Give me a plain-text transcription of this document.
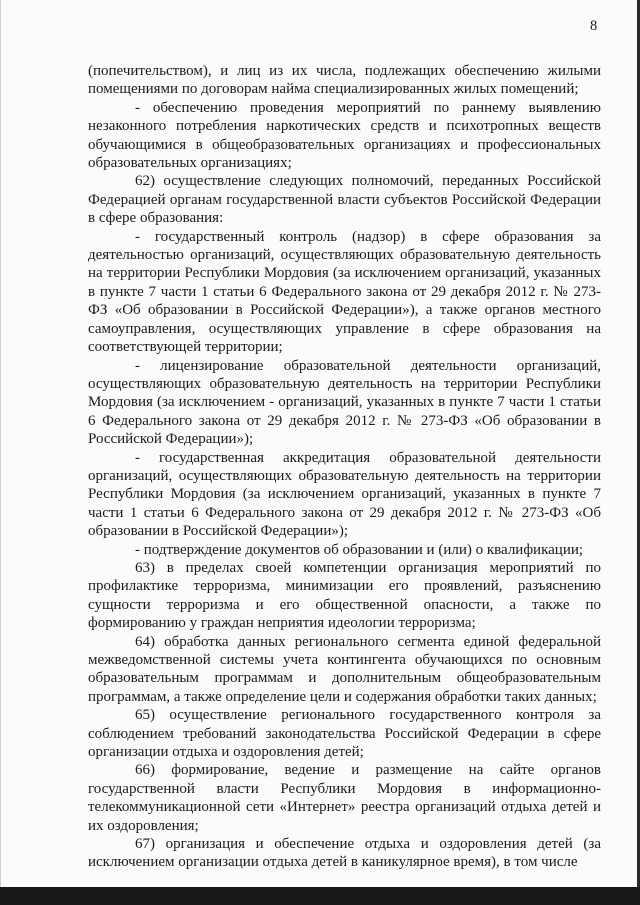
8

(попечительством), и лиц из их числа, подлежащих обеспечению жилыми помещениями по договорам найма специализированных жилых помещений;

- обеспечению проведения мероприятий по раннему выявлению незаконного потребления наркотических средств и психотропных веществ обучающимися в общеобразовательных организациях и профессиональных образовательных организациях;

62) осуществление следующих полномочий, переданных Российской Федерацией органам государственной власти субъектов Российской Федерации в сфере образования:

- государственный контроль (надзор) в сфере образования за деятельностью организаций, осуществляющих образовательную деятельность на территории Республики Мордовия (за исключением организаций, указанных в пункте 7 части 1 статьи 6 Федерального закона от 29 декабря 2012 г. № 273-ФЗ «Об образовании в Российской Федерации»), а также органов местного самоуправления, осуществляющих управление в сфере образования на соответствующей территории;

- лицензирование образовательной деятельности организаций, осуществляющих образовательную деятельность на территории Республики Мордовия (за исключением - организаций, указанных в пункте 7 части 1 статьи 6 Федерального закона от 29 декабря 2012 г. № 273-ФЗ «Об образовании в Российской Федерации»);

- государственная аккредитация образовательной деятельности организаций, осуществляющих образовательную деятельность на территории Республики Мордовия (за исключением организаций, указанных в пункте 7 части 1 статьи 6 Федерального закона от 29 декабря 2012 г. № 273-ФЗ «Об образовании в Российской Федерации»);

- подтверждение документов об образовании и (или) о квалификации;

63) в пределах своей компетенции организация мероприятий по профилактике терроризма, минимизации его проявлений, разъяснению сущности терроризма и его общественной опасности, а также по формированию у граждан неприятия идеологии терроризма;

64) обработка данных регионального сегмента единой федеральной межведомственной системы учета контингента обучающихся по основным образовательным программам и дополнительным общеобразовательным программам, а также определение цели и содержания обработки таких данных;

65) осуществление регионального государственного контроля за соблюдением требований законодательства Российской Федерации в сфере организации отдыха и оздоровления детей;

66) формирование, ведение и размещение на сайте органов государственной власти Республики Мордовия в информационно-телекоммуникационной сети «Интернет» реестра организаций отдыха детей и их оздоровления;

67) организация и обеспечение отдыха и оздоровления детей (за исключением организации отдыха детей в каникулярное время), в том числе
